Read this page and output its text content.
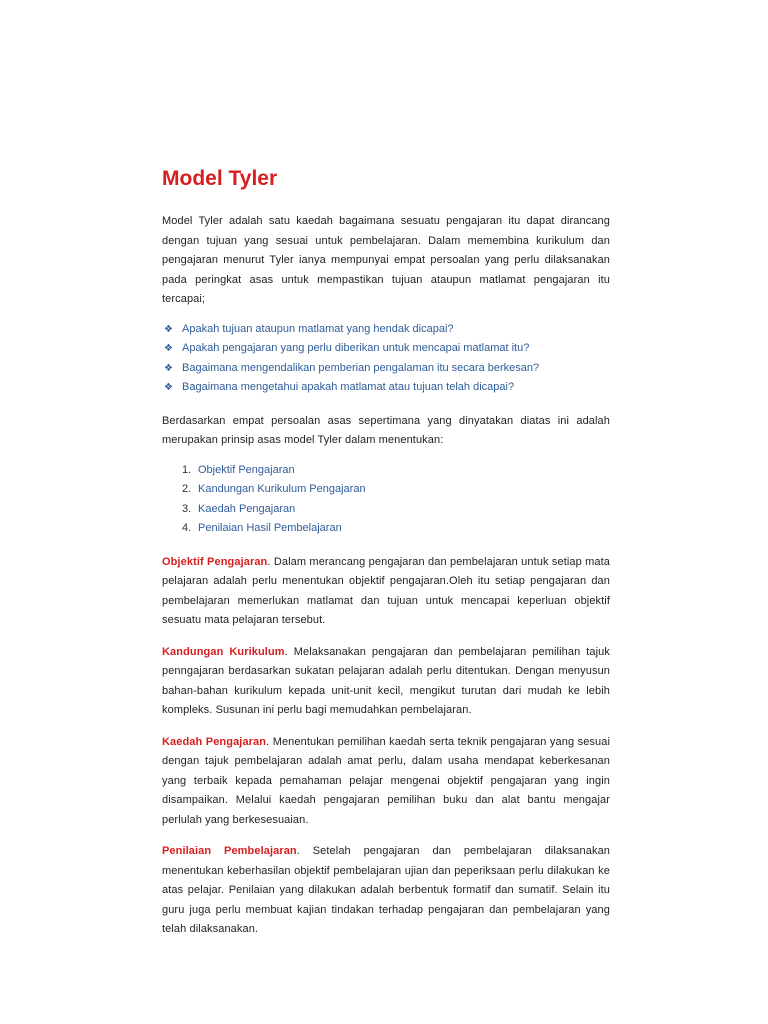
Model Tyler

Model Tyler adalah satu kaedah bagaimana sesuatu pengajaran itu dapat dirancang dengan tujuan yang sesuai untuk pembelajaran. Dalam memembina kurikulum dan pengajaran menurut Tyler ianya mempunyai empat persoalan yang perlu dilaksanakan pada peringkat asas untuk mempastikan tujuan ataupun matlamat pengajaran itu tercapai;

❖ Apakah tujuan ataupun matlamat yang hendak dicapai?
❖ Apakah pengajaran yang perlu diberikan untuk mencapai matlamat itu?
❖ Bagaimana mengendalikan pemberian pengalaman itu secara berkesan?
❖ Bagaimana mengetahui apakah matlamat atau tujuan telah dicapai?

Berdasarkan empat persoalan asas sepertimana yang dinyatakan diatas ini adalah merupakan prinsip asas model Tyler dalam menentukan:

1. Objektif Pengajaran
2. Kandungan Kurikulum Pengajaran
3. Kaedah Pengajaran
4. Penilaian Hasil Pembelajaran

Objektif Pengajaran. Dalam merancang pengajaran dan pembelajaran untuk setiap mata pelajaran adalah perlu menentukan objektif pengajaran.Oleh itu setiap pengajaran dan pembelajaran memerlukan matlamat dan tujuan untuk mencapai keperluan objektif sesuatu mata pelajaran tersebut.

Kandungan Kurikulum. Melaksanakan pengajaran dan pembelajaran pemilihan tajuk penngajaran berdasarkan sukatan pelajaran adalah perlu ditentukan. Dengan menyusun bahan-bahan kurikulum kepada unit-unit kecil, mengikut turutan dari mudah ke lebih kompleks. Susunan ini perlu bagi memudahkan pembelajaran.

Kaedah Pengajaran. Menentukan pemilihan kaedah serta teknik pengajaran yang sesuai dengan tajuk pembelajaran adalah amat perlu, dalam usaha mendapat keberkesanan yang terbaik kepada pemahaman pelajar mengenai objektif pengajaran yang ingin disampaikan. Melalui kaedah pengajaran pemilihan buku dan alat bantu mengajar perlulah yang berkesesuaian.

Penilaian Pembelajaran. Setelah pengajaran dan pembelajaran dilaksanakan menentukan keberhasilan objektif pembelajaran ujian dan peperiksaan perlu dilakukan ke atas pelajar. Penilaian yang dilakukan adalah berbentuk formatif dan sumatif. Selain itu guru juga perlu membuat kajian tindakan terhadap pengajaran dan pembelajaran yang telah dilaksanakan.
